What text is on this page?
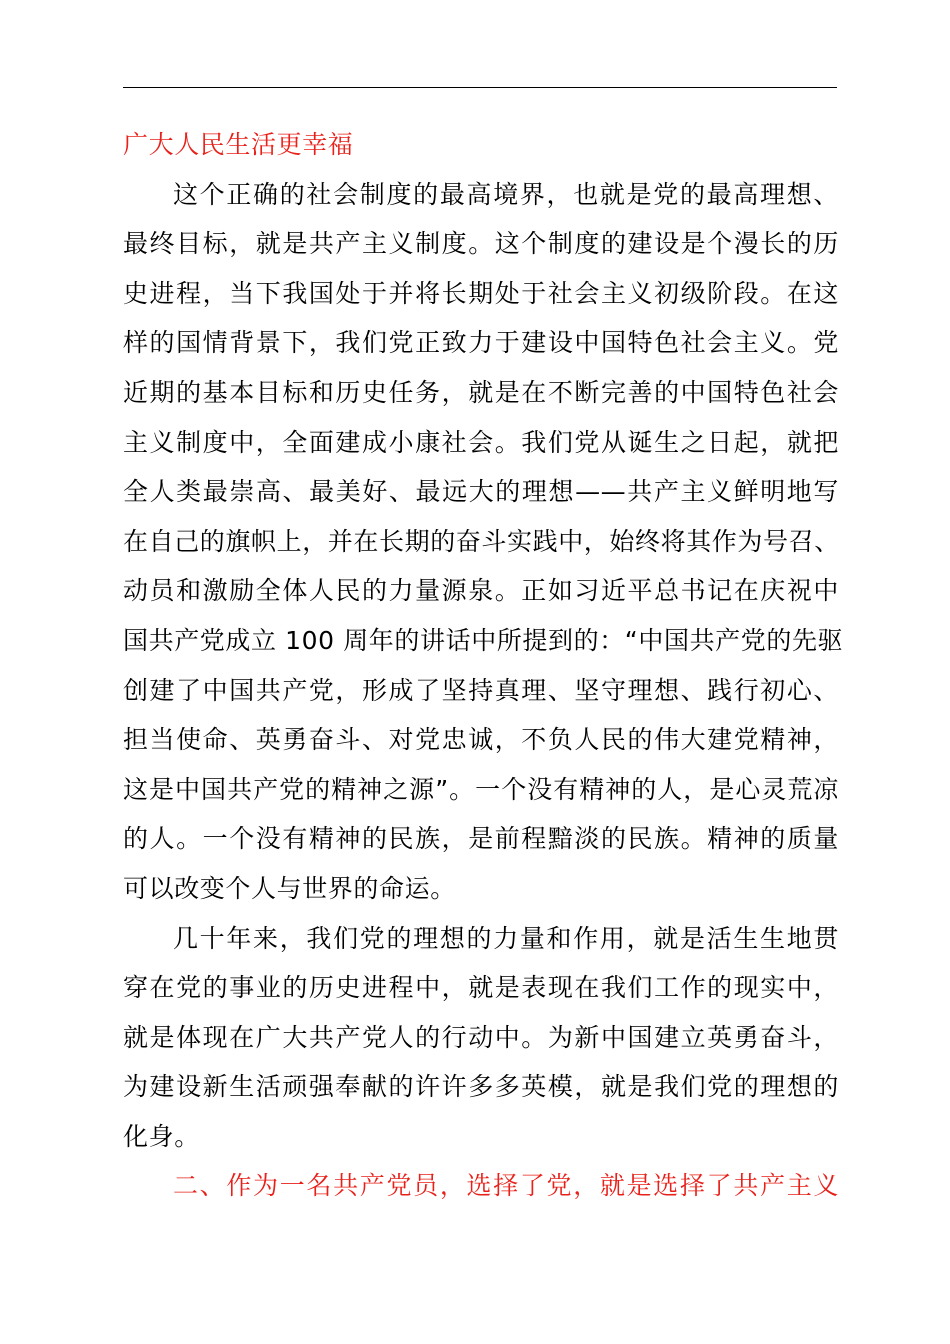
广大人民生活更幸福
这个正确的社会制度的最高境界，也就是党的最高理想、
最终目标，就是共产主义制度。这个制度的建设是个漫长的历
史进程，当下我国处于并将长期处于社会主义初级阶段。在这
样的国情背景下，我们党正致力于建设中国特色社会主义。党
近期的基本目标和历史任务，就是在不断完善的中国特色社会
主义制度中，全面建成小康社会。我们党从诞生之日起，就把
全人类最崇高、最美好、最远大的理想——共产主义鲜明地写
在自己的旗帜上，并在长期的奋斗实践中，始终将其作为号召、
动员和激励全体人民的力量源泉。正如习近平总书记在庆祝中
国共产党成立 100 周年的讲话中所提到的：“中国共产党的先驱
创建了中国共产党，形成了坚持真理、坚守理想、践行初心、
担当使命、英勇奋斗、对党忠诚，不负人民的伟大建党精神，
这是中国共产党的精神之源”。一个没有精神的人，是心灵荒凉
的人。一个没有精神的民族，是前程黯淡的民族。精神的质量
可以改变个人与世界的命运。
几十年来，我们党的理想的力量和作用，就是活生生地贯
穿在党的事业的历史进程中，就是表现在我们工作的现实中，
就是体现在广大共产党人的行动中。为新中国建立英勇奋斗，
为建设新生活顽强奉献的许许多多英模，就是我们党的理想的
化身。
二、作为一名共产党员，选择了党，就是选择了共产主义
